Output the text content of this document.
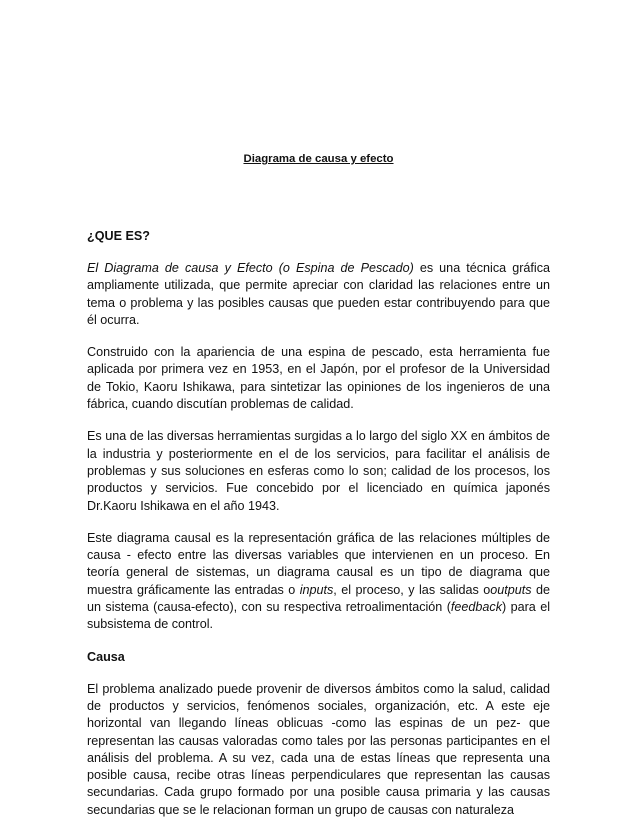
Diagrama de causa y efecto
¿QUE ES?

El Diagrama de causa y Efecto (o Espina de Pescado) es una técnica gráfica ampliamente utilizada, que permite apreciar con claridad las relaciones entre un tema o problema y las posibles causas que pueden estar contribuyendo para que él ocurra.

Construido con la apariencia de una espina de pescado, esta herramienta fue aplicada por primera vez en 1953, en el Japón, por el profesor de la Universidad de Tokio, Kaoru Ishikawa, para sintetizar las opiniones de los ingenieros de una fábrica, cuando discutían problemas de calidad.

Es una de las diversas herramientas surgidas a lo largo del siglo XX en ámbitos de la industria y posteriormente en el de los servicios, para facilitar el análisis de problemas y sus soluciones en esferas como lo son; calidad de los procesos, los productos y servicios. Fue concebido por el licenciado en química japonés Dr.Kaoru Ishikawa en el año 1943.

Este diagrama causal es la representación gráfica de las relaciones múltiples de causa - efecto entre las diversas variables que intervienen en un proceso. En teoría general de sistemas, un diagrama causal es un tipo de diagrama que muestra gráficamente las entradas o inputs, el proceso, y las salidas ooutputs de un sistema (causa-efecto), con su respectiva retroalimentación (feedback) para el subsistema de control.

Causa

El problema analizado puede provenir de diversos ámbitos como la salud, calidad de productos y servicios, fenómenos sociales, organización, etc. A este eje horizontal van llegando líneas oblicuas -como las espinas de un pez- que representan las causas valoradas como tales por las personas participantes en el análisis del problema. A su vez, cada una de estas líneas que representa una posible causa, recibe otras líneas perpendiculares que representan las causas secundarias. Cada grupo formado por una posible causa primaria y las causas secundarias que se le relacionan forman un grupo de causas con naturaleza
